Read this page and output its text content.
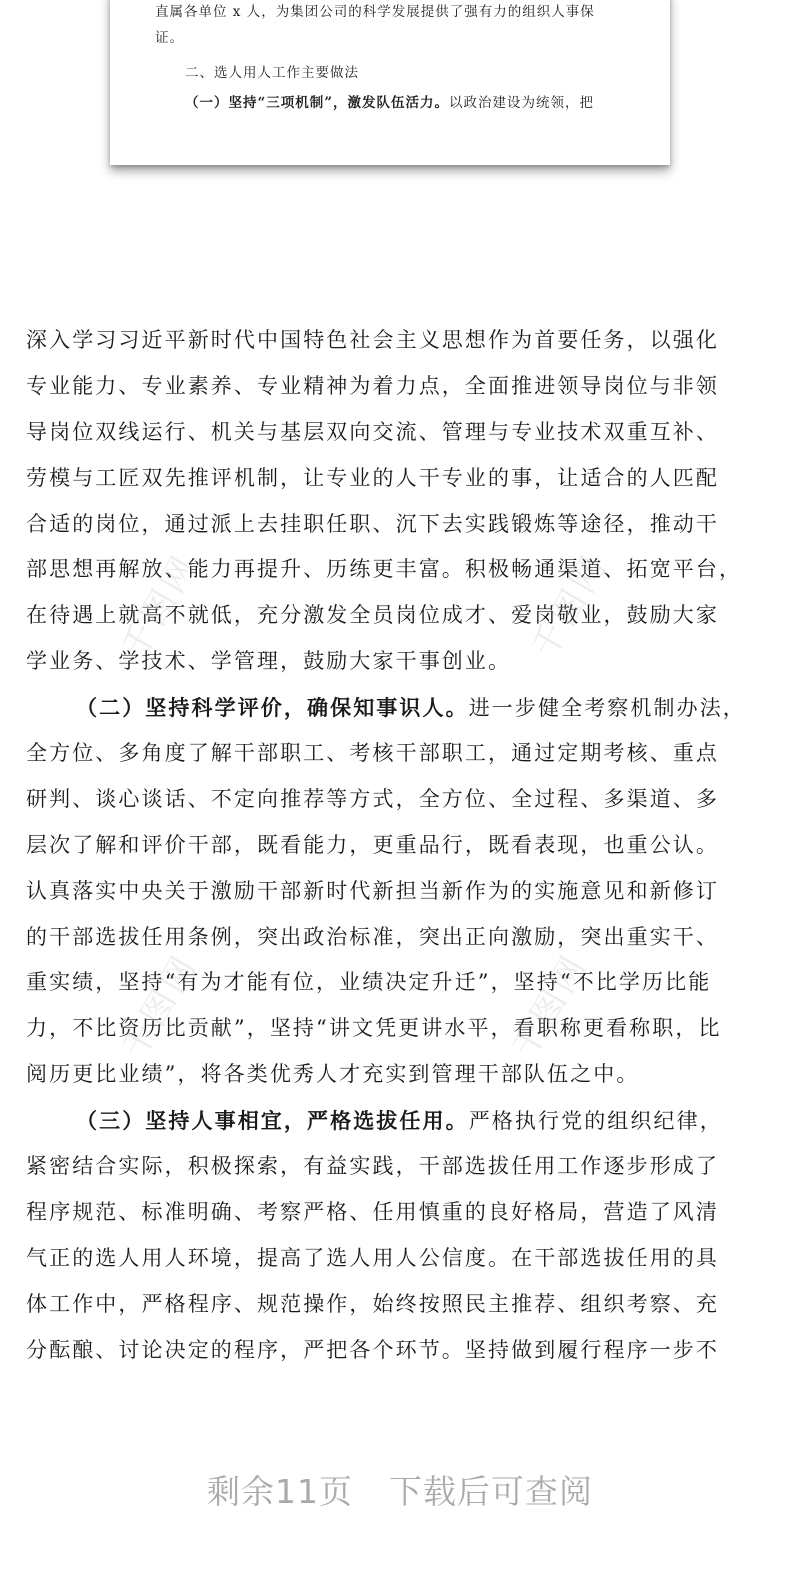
直属各单位 x 人，为集团公司的科学发展提供了强有力的组织人事保
证。
二、选人用人工作主要做法
（一）坚持“三项机制”，激发队伍活力。以政治建设为统领，把
深入学习习近平新时代中国特色社会主义思想作为首要任务，以强化
专业能力、专业素养、专业精神为着力点，全面推进领导岗位与非领
导岗位双线运行、机关与基层双向交流、管理与专业技术双重互补、
劳模与工匠双先推评机制，让专业的人干专业的事，让适合的人匹配
合适的岗位，通过派上去挂职任职、沉下去实践锻炼等途径，推动干
部思想再解放、能力再提升、历练更丰富。积极畅通渠道、拓宽平台，
在待遇上就高不就低，充分激发全员岗位成才、爱岗敬业，鼓励大家
学业务、学技术、学管理，鼓励大家干事创业。
（二）坚持科学评价，确保知事识人。进一步健全考察机制办法，
全方位、多角度了解干部职工、考核干部职工，通过定期考核、重点
研判、谈心谈话、不定向推荐等方式，全方位、全过程、多渠道、多
层次了解和评价干部，既看能力，更重品行，既看表现，也重公认。
认真落实中央关于激励干部新时代新担当新作为的实施意见和新修订
的干部选拔任用条例，突出政治标准，突出正向激励，突出重实干、
重实绩，坚持“有为才能有位，业绩决定升迁”，坚持“不比学历比能
力，不比资历比贡献”，坚持“讲文凭更讲水平，看职称更看称职，比
阅历更比业绩”，将各类优秀人才充实到管理干部队伍之中。
（三）坚持人事相宜，严格选拔任用。严格执行党的组织纪律，
紧密结合实际，积极探索，有益实践，干部选拔任用工作逐步形成了
程序规范、标准明确、考察严格、任用慎重的良好格局，营造了风清
气正的选人用人环境，提高了选人用人公信度。在干部选拔任用的具
体工作中，严格程序、规范操作，始终按照民主推荐、组织考察、充
分酝酿、讨论决定的程序，严把各个环节。坚持做到履行程序一步不
千图网	千图网
千图网	千图网
剩余11页 下载后可查阅
